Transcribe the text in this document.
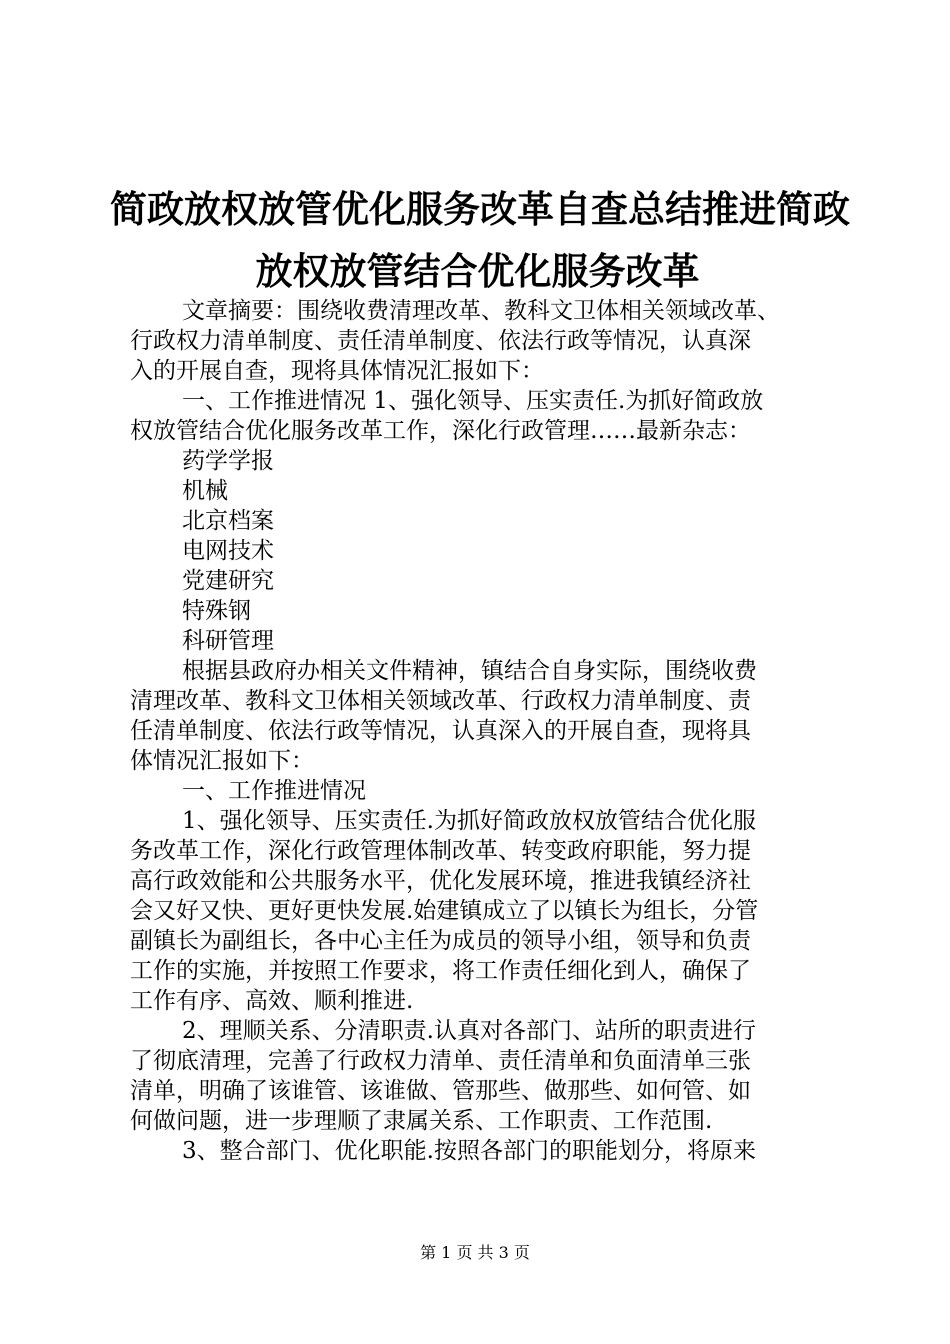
简政放权放管优化服务改革自查总结推进简政
放权放管结合优化服务改革
文章摘要：围绕收费清理改革、教科文卫体相关领域改革、
行政权力清单制度、责任清单制度、依法行政等情况，认真深
入的开展自查，现将具体情况汇报如下：
一、工作推进情况 1、强化领导、压实责任.为抓好简政放
权放管结合优化服务改革工作，深化行政管理……最新杂志：
药学学报
机械
北京档案
电网技术
党建研究
特殊钢
科研管理
根据县政府办相关文件精神，镇结合自身实际，围绕收费
清理改革、教科文卫体相关领域改革、行政权力清单制度、责
任清单制度、依法行政等情况，认真深入的开展自查，现将具
体情况汇报如下：
一、工作推进情况
1、强化领导、压实责任.为抓好简政放权放管结合优化服
务改革工作，深化行政管理体制改革、转变政府职能，努力提
高行政效能和公共服务水平，优化发展环境，推进我镇经济社
会又好又快、更好更快发展.始建镇成立了以镇长为组长，分管
副镇长为副组长，各中心主任为成员的领导小组，领导和负责
工作的实施，并按照工作要求，将工作责任细化到人，确保了
工作有序、高效、顺利推进.
2、理顺关系、分清职责.认真对各部门、站所的职责进行
了彻底清理，完善了行政权力清单、责任清单和负面清单三张
清单，明确了该谁管、该谁做、管那些、做那些、如何管、如
何做问题，进一步理顺了隶属关系、工作职责、工作范围.
3、整合部门、优化职能.按照各部门的职能划分，将原来
第 1 页 共 3 页
